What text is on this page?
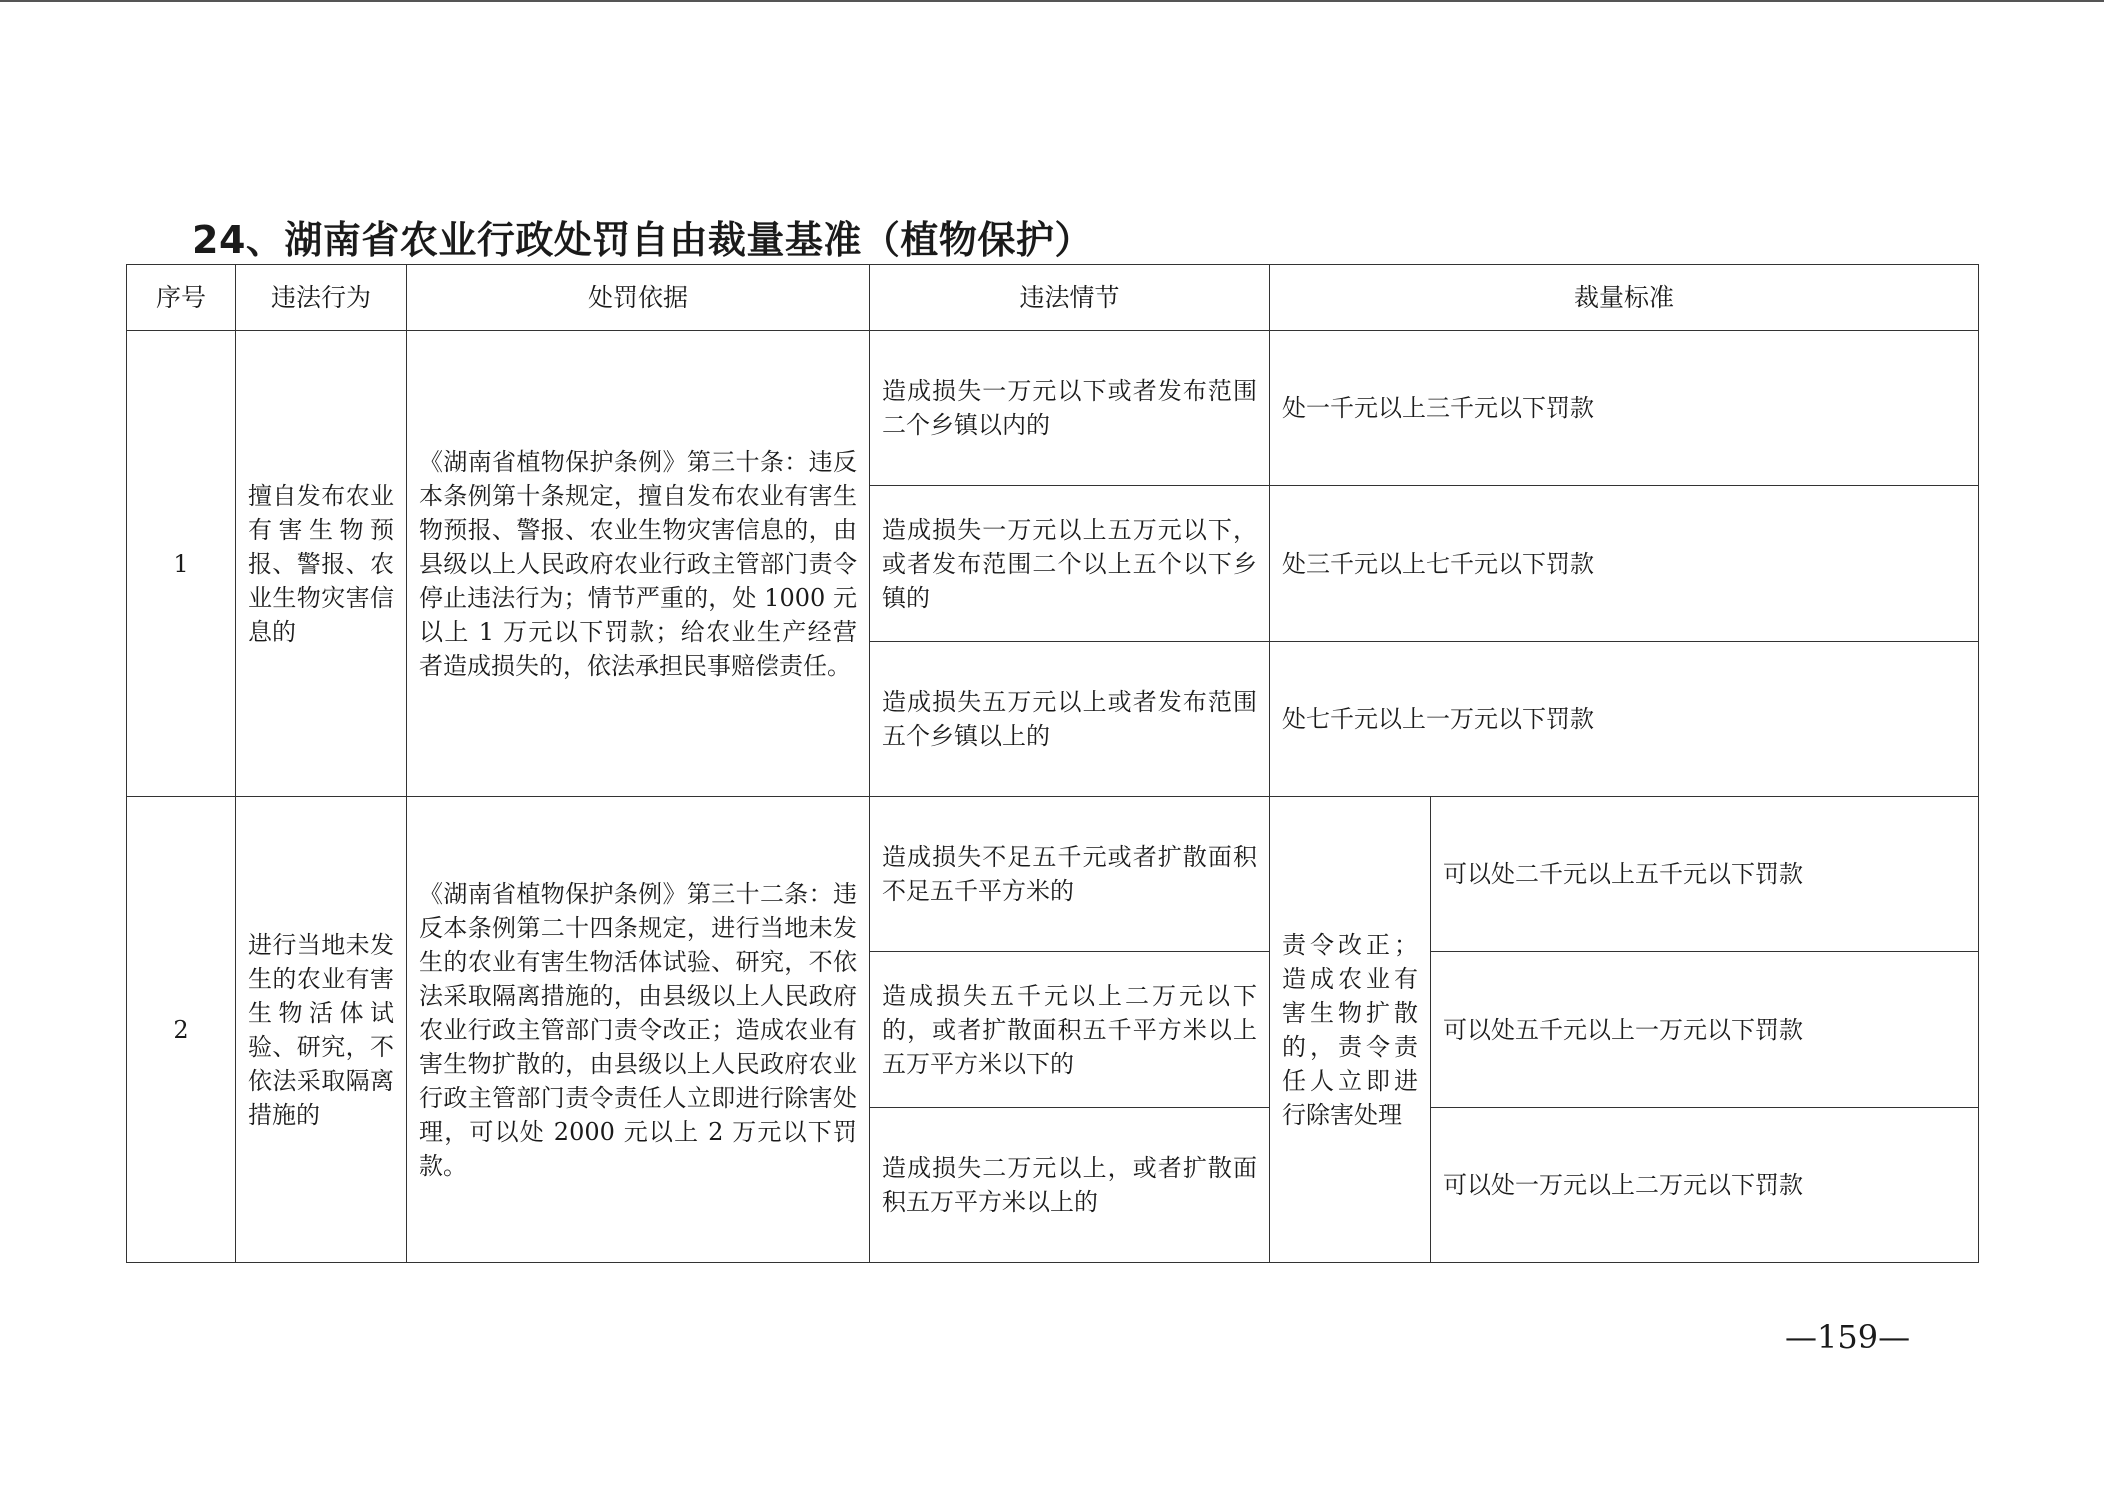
24、湖南省农业行政处罚自由裁量基准（植物保护）
序号	违法行为	处罚依据	违法情节	裁量标准	
1	擅自发布农业有害生物预报、警报、农业生物灾害信息的	《湖南省植物保护条例》第三十条：违反本条例第十条规定，擅自发布农业有害生物预报、警报、农业生物灾害信息的，由县级以上人民政府农业行政主管部门责令停止违法行为；情节严重的，处 1000 元以上 1 万元以下罚款；给农业生产经营者造成损失的，依法承担民事赔偿责任。	造成损失一万元以下或者发布范围二个乡镇以内的	处一千元以上三千元以下罚款	
			造成损失一万元以上五万元以下，或者发布范围二个以上五个以下乡镇的	处三千元以上七千元以下罚款	
			造成损失五万元以上或者发布范围五个乡镇以上的	处七千元以上一万元以下罚款	
2	进行当地未发生的农业有害生物活体试验、研究，不依法采取隔离措施的	《湖南省植物保护条例》第三十二条：违反本条例第二十四条规定，进行当地未发生的农业有害生物活体试验、研究，不依法采取隔离措施的，由县级以上人民政府农业行政主管部门责令改正；造成农业有害生物扩散的，由县级以上人民政府农业行政主管部门责令责任人立即进行除害处理，可以处 2000 元以上 2 万元以下罚款。	造成损失不足五千元或者扩散面积不足五千平方米的	责令改正；造成农业有害生物扩散的，责令责任人立即进行除害处理	可以处二千元以上五千元以下罚款
			造成损失五千元以上二万元以下的，或者扩散面积五千平方米以上五万平方米以下的		可以处五千元以上一万元以下罚款
			造成损失二万元以上，或者扩散面积五万平方米以上的		可以处一万元以上二万元以下罚款
—159—
